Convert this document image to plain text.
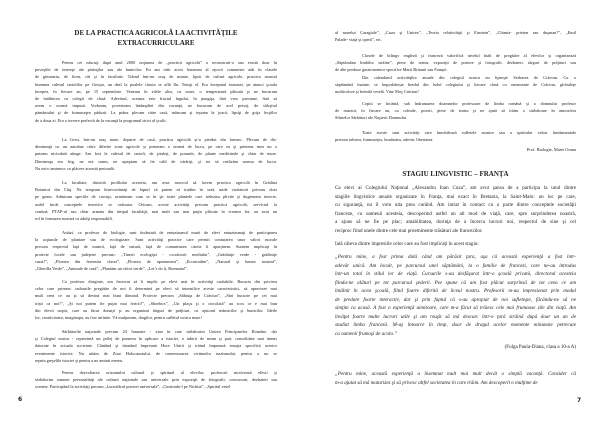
DE LA PRACTICA AGRICOLĂ LA ACTIVITĂȚILE
EXTRACURRICULARE
Pentru cei născuţi după anul 2000 noţiunea de „practică agricolă” a reconstruit-o sau există doar în
poveştile de tinereţe ale părinţilor sau ale bunicilor. Eu am trăit acest fenomen al epocii comuniste atât în clasele
de gimnaziu, de liceu, cât şi în facultate. Trăind într-un oraş de munte, lipsit de culturi agricole, practica noastră
însemna culesul cartofilor pe Geoşia, un deal la poalele căruia se află Iîu. Totuşi el. Era începutul toamnei, pe atunci şcoala
începea, în fiecare an, pe 15 septembrie. Veneam în zilele alea, cu soare, o temperatură plăcută şi ne bucuram
de întâlnirea cu colegii de clasă. Adevărul, aceasta este fructul fugului, în pungiţa, fără vreo presiune, fără să
avem o normă impusă. Vorbeam, povesteam întâmplări din vacanţă, ne bucuram de acel peisaj, de sfârşitul
pământului şi de frumuseţea pădurii. La prânz plecam către casă, mâncam şi ieşeam la joacă, lipsiţi de grija lecţiilor
de a doua zi. Era o trecere perfectă de la vacanţă la programul strict al şcolii.
La liceu, într-un oraş mare, departe de casă, practica agricolă şi-a pierdut din farmec. Plecam de dis-
dimineaţă cu un autobuz către diferite zone agricole şi primeam o normă de lucru, pe care eu şi prietena mea nu o
puteam niciodată atinge. Am fost la culesul de cartofi, de ştiuleţi, de porumb, de plante medicinale şi chiar de mure.
Dimineaţa era frig, ne era somn, ne aşteptam să fie cald de vărăriţi, şi tot să realizăm norma de lucru.
Nu mi-o amintesc cu plăcere această perioadă.
La facultate, datorită profilului acesteia, am avut norocul să facem practica agricolă în Grădina
Botanică din Cluj. Ne simţeam binecuvântaţi de faptul că putem să trudim în seră, unde vizitatorii priveau doar
pe geam. Admiram speciile de cactuşi, urmăream cum se în şir toate plantele care trebuiau plivite şi dugeneam insecte,
astfel încât conceptele teoretice se ordonau. Oricum, aceste activităţi precum practica agricolă, serviciul la
cantină, PTAP-ul sau chiar armata din timpul facultăţii, mai mult sau mai puţin plăcute la vremea lor, au avut un
rol în formarea noastră ca adulţi responsabili.
Astăzi, ca profesor de biologie, sunt încântată de entuziasmul marii de elevi entuziasmaţi de participarea
la acţiunile de plantare sau de ecologizare. Sunt activităţi practice care permit conturarea unor valori morale
precum respectul faţă de muncă, faţă de natură, faţă de comunitatea căreia îi aparţinem. Suntem implicaţi în
proiecte locale sau judeţene precum: „Tinerii ecologişti - ocrotitorii mediului”, „Grădiniţe verde - grădiniţe
curat!”, „Floarea din fereastra clasei”, „Floarea de apartament”, „Ecostradim”, „Natural şi lumea noastră”,
„Gherilla Verde”, „Animale de casă”, „Plantăm un viitor verde”, „Let’s do it, Romania!”.
Ca profesor diriginte, am încercat să îi implic pe elevi mai în activităţi caritabile. Bucuria din privirea
celor care primesc cadourile pregătite de noi îi determină pe elevi să intensifice aceste caracteristici, să aprecieze mai
mult ceea ce au şi să devină mai buni dăruind. Proiecte precum „Săbiuţa de Crăciun”, „Sări bucurie pe cei mai
triști ca noi!”, „Şi noi putem fie puţin mai fericit!”, „Shoebox”, „Un plaçu şi o ciocolată” au scos ce e mai bun
din elevii noştri, care au făcut donaţii şi au organizat târguri de prăjituri, cu ajutorul mămicilor şi bunicilor. Ideile
lor, creativitatea, imaginaţia, au fost infinite. Vă mulţumim, dragilor, pentru sufletul vostru mare!
Sărbătorile naţionale precum 24 Ianuarie - ziua în care sărbătorim Unirea Principatelor Române, dar
şi Colegiul nostru - reprezintă un prilej de punerea în aplicare a istoriei, a iubirii de neam şi ţară, consolidate mai intens
datorate în actuala societate. Cântând şi dansând împreună Hora Unirii şi trăind împreună emoţia specifică acestor
evenimente istorice. Nu uităm de Ziua Holocaustului, de comemorarea victimelor nazismului, pentru a nu se
repeta greşelile istoriei şi pentru a ne aminti mereu.
Pentru dezvoltarea orizontului cultural şi spiritual al elevilor, profesorii motivează elevii şi
sărbătorim oameni personalităţi ale culturii naţionale sau universale prin expoziţii de fotografii, concursuri, dezbateri sau
scenete. Participând la activităţi precum „Luceafărul poeziei universale”, „Cinstindu-l pe Nichita”, „Spiritul vesel
6
al marelui Caragiale”, „Cuza şi Unirea”, „Teoria relativităţii şi Einstein”, „Chimia- prieten sau duşman?”, „Emil
Palade- viaţă şi operă”, etc.
Clasele de bilingv engleză şi franceză valorifică nivelul înalt de pregătire al elevilor şi organizează
„Săptămâna limbilor străine”, piese de teatru, expoziţii de postere şi fotografii, dezbateri, târguri de prăjituri sau
de alte produse gastronomice specifice Marii Britanii sau Franţei.
Din calendarul activităţilor anuale din colegiul nostru nu lipseşte Serbarea de Crăciun. Cu o
săptămână înainte, se împodobeşte bradul din holul colegiului şi fiecare clasă cu ornamente de Crăciun, globuleţe
multicolore şi beteală veselă. Vine Moş Crăciun!
Copiii se încântă, sub îndrumarea doamnelor profesoare de limba română şi a domnului profesor
de muzică, în fiecare an, cu colinde, poezii, piese de teatru şi ne ajută să trăim o sărbătoare în atmosfera
Sfintelor Sărbători ale Naşterii Domnului.
Toate aceste sunt activităţi care înnobilează sufletele noastre sau a spiritului valori fundamentale
precum iubirea, frumuseţea, bunătatea, adevăr, libertatea.
Prof. Biologie, Matei Orana
STAGIU LINGVISTIC – FRANȚA
Ca elevi ai Colegiului Naţional „Alexandru Ioan Cuza”, am avut şansa de a participa la unul dintre
stagiile lingvistice anuale organizate în Franţa, mai exact în Bretania, la Saint-Malo: un loc pe care,
cu siguranţă, nu îl vom uita prea curând. Am intrat în contact cu o parte dintre conceptele societăţii
franceze, cu oamenii acesteia, descoperind astfel un alt mod de viaţă, care, spre surprinderea noastră,
a ajuns să ne fie pe plac; amabilitatea, dorinţa de a încerca lucruri noi, respectul de sine şi cel
reciproc fiind unele dintre cele mai proeminente trăsături ale francezilor.
Iată câteva dintre impresiile celor care au fost implicaţi în acest stagiu:
„Pentru mine, a fost prima dată când am părăsit ţara, aşa că această experienţă a fost într-
adevăr unică. Am locuit, pe parcursul unei săptămâni, la o familie de francezi, care ne-au introdus
într-un total în stilul lor de viaţă. Cursurile s-au desfăşurat într-o şcoală privată, directorul acesteia
fiindu-ne alături pe tot parcursul şederii. Pot spune că am fost plăcut surprinsă de tot ceea ce am
întâlnit în acea şcoală, fiind foarte diferită de liceul nostru. Profesorii m-au impresionat prin modul
de predare foarte interactiv, dar şi prin faptul că s-au apropiat de noi sufleteşte, făcându-ne să ne
simţim ca acasă. A fost o experienţă uimitoare, care m-a făcut să trăiesc cele mai frumoase zile din viaţă. Am
învăţat foarte multe lucruri utile şi am reuşit să mă descurc într-o ţară străină după doar un an de
studiat limba franceză. M-aş întoarce în timp, doar de dragul acelor momente minunate petrecute
cu oamenii frumoşi de acolo.”
(Fulga Paula-Diana, clasa a 10-a A)
„Pentru mine, această experienţă a însemnat mult mai mult decât o simplă vacanţă. Consider că
m-a ajutat să mă maturizez şi să privesc altfel societatea în care trăim. Am descoperit o mulţime de
7
